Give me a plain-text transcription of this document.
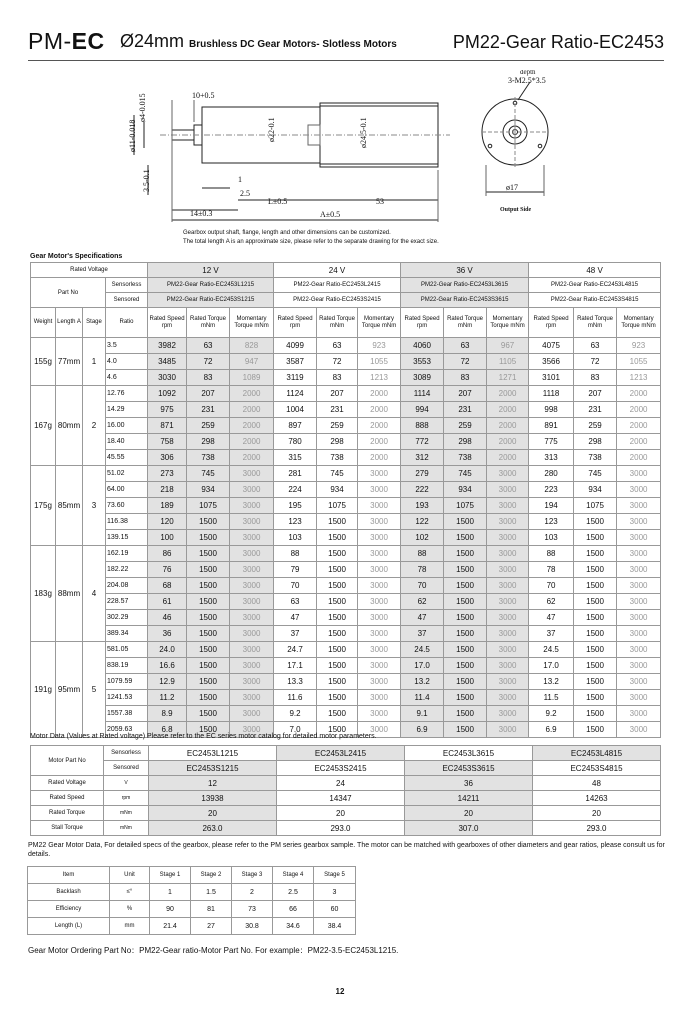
PM-EC Ø24mm Brushless DC Gear Motors- Slotless Motors	PM22-Gear Ratio-EC2453
ø4-0.015
ø11-0.018
3.5-0.1
10+0.5
ø22-0.1	ø24.5-0.1
1
2.5
L±0.5	53
14±0.3	A±0.5
depth
3-M2.5*3.5
ø17
Output Side
Gearbox output shaft, flange, length and other dimensions can be customized.
The total length A is an approximate size, please refer to the separate drawing for the exact size.
Gear Motor's Specifications
Rated Voltage				12 V			24 V			36 V			48 V		
Part No			Sensorless	PM22-Gear Ratio-EC2453L1215			PM22-Gear Ratio-EC2453L2415			PM22-Gear Ratio-EC2453L3615			PM22-Gear Ratio-EC2453L4815		
			Sensored	PM22-Gear Ratio-EC2453S1215			PM22-Gear Ratio-EC2453S2415			PM22-Gear Ratio-EC2453S3615			PM22-Gear Ratio-EC2453S4815		
Weight	Length A	Stage	Ratio	Rated Speed rpm	Rated Torque mNm	Momentary Torque mNm	Rated Speed rpm	Rated Torque mNm	Momentary Torque mNm	Rated Speed rpm	Rated Torque mNm	Momentary Torque mNm	Rated Speed rpm	Rated Torque mNm	Momentary Torque mNm
155g	77mm	1	3.5	3982	63	828	4099	63	923	4060	63	967	4075	63	923
			4.0	3485	72	947	3587	72	1055	3553	72	1105	3566	72	1055
			4.6	3030	83	1089	3119	83	1213	3089	83	1271	3101	83	1213
167g	80mm	2	12.76	1092	207	2000	1124	207	2000	1114	207	2000	1118	207	2000
			14.29	975	231	2000	1004	231	2000	994	231	2000	998	231	2000
			16.00	871	259	2000	897	259	2000	888	259	2000	891	259	2000
			18.40	758	298	2000	780	298	2000	772	298	2000	775	298	2000
			45.55	306	738	2000	315	738	2000	312	738	2000	313	738	2000
175g	85mm	3	51.02	273	745	3000	281	745	3000	279	745	3000	280	745	3000
			64.00	218	934	3000	224	934	3000	222	934	3000	223	934	3000
			73.60	189	1075	3000	195	1075	3000	193	1075	3000	194	1075	3000
			116.38	120	1500	3000	123	1500	3000	122	1500	3000	123	1500	3000
			139.15	100	1500	3000	103	1500	3000	102	1500	3000	103	1500	3000
183g	88mm	4	162.19	86	1500	3000	88	1500	3000	88	1500	3000	88	1500	3000
			182.22	76	1500	3000	79	1500	3000	78	1500	3000	78	1500	3000
			204.08	68	1500	3000	70	1500	3000	70	1500	3000	70	1500	3000
			228.57	61	1500	3000	63	1500	3000	62	1500	3000	62	1500	3000
			302.29	46	1500	3000	47	1500	3000	47	1500	3000	47	1500	3000
			389.34	36	1500	3000	37	1500	3000	37	1500	3000	37	1500	3000
191g	95mm	5	581.05	24.0	1500	3000	24.7	1500	3000	24.5	1500	3000	24.5	1500	3000
			838.19	16.6	1500	3000	17.1	1500	3000	17.0	1500	3000	17.0	1500	3000
			1079.59	12.9	1500	3000	13.3	1500	3000	13.2	1500	3000	13.2	1500	3000
			1241.53	11.2	1500	3000	11.6	1500	3000	11.4	1500	3000	11.5	1500	3000
			1557.38	8.9	1500	3000	9.2	1500	3000	9.1	1500	3000	9.2	1500	3000
			2059.63	6.8	1500	3000	7.0	1500	3000	6.9	1500	3000	6.9	1500	3000
Motor Data (Values at Rated voltage) Please refer to the EC series motor catalog for detailed motor parameters.
Motor Part No	Sensorless	EC2453L1215	EC2453L2415	EC2453L3615	EC2453L4815
	Sensored	EC2453S1215	EC2453S2415	EC2453S3615	EC2453S4815
Rated Voltage	V	12	24	36	48
Rated Speed	rpm	13938	14347	14211	14263
Rated Torque	mNm	20	20	20	20
Stall Torque	mNm	263.0	293.0	307.0	293.0
PM22 Gear Motor Data, For detailed specs of the gearbox, please refer to the PM series gearbox sample. The motor can be matched with gearboxes of other diameters and gear ratios, please consult us for details.
Item	Unit	Stage 1	Stage 2	Stage 3	Stage 4	Stage 5
Backlash	≤°	1	1.5	2	2.5	3
Efficiency	%	90	81	73	66	60
Length (L)	mm	21.4	27	30.8	34.6	38.4
Gear Motor Ordering Part No：PM22-Gear ratio-Motor Part No. For example：PM22-3.5-EC2453L1215.
12
